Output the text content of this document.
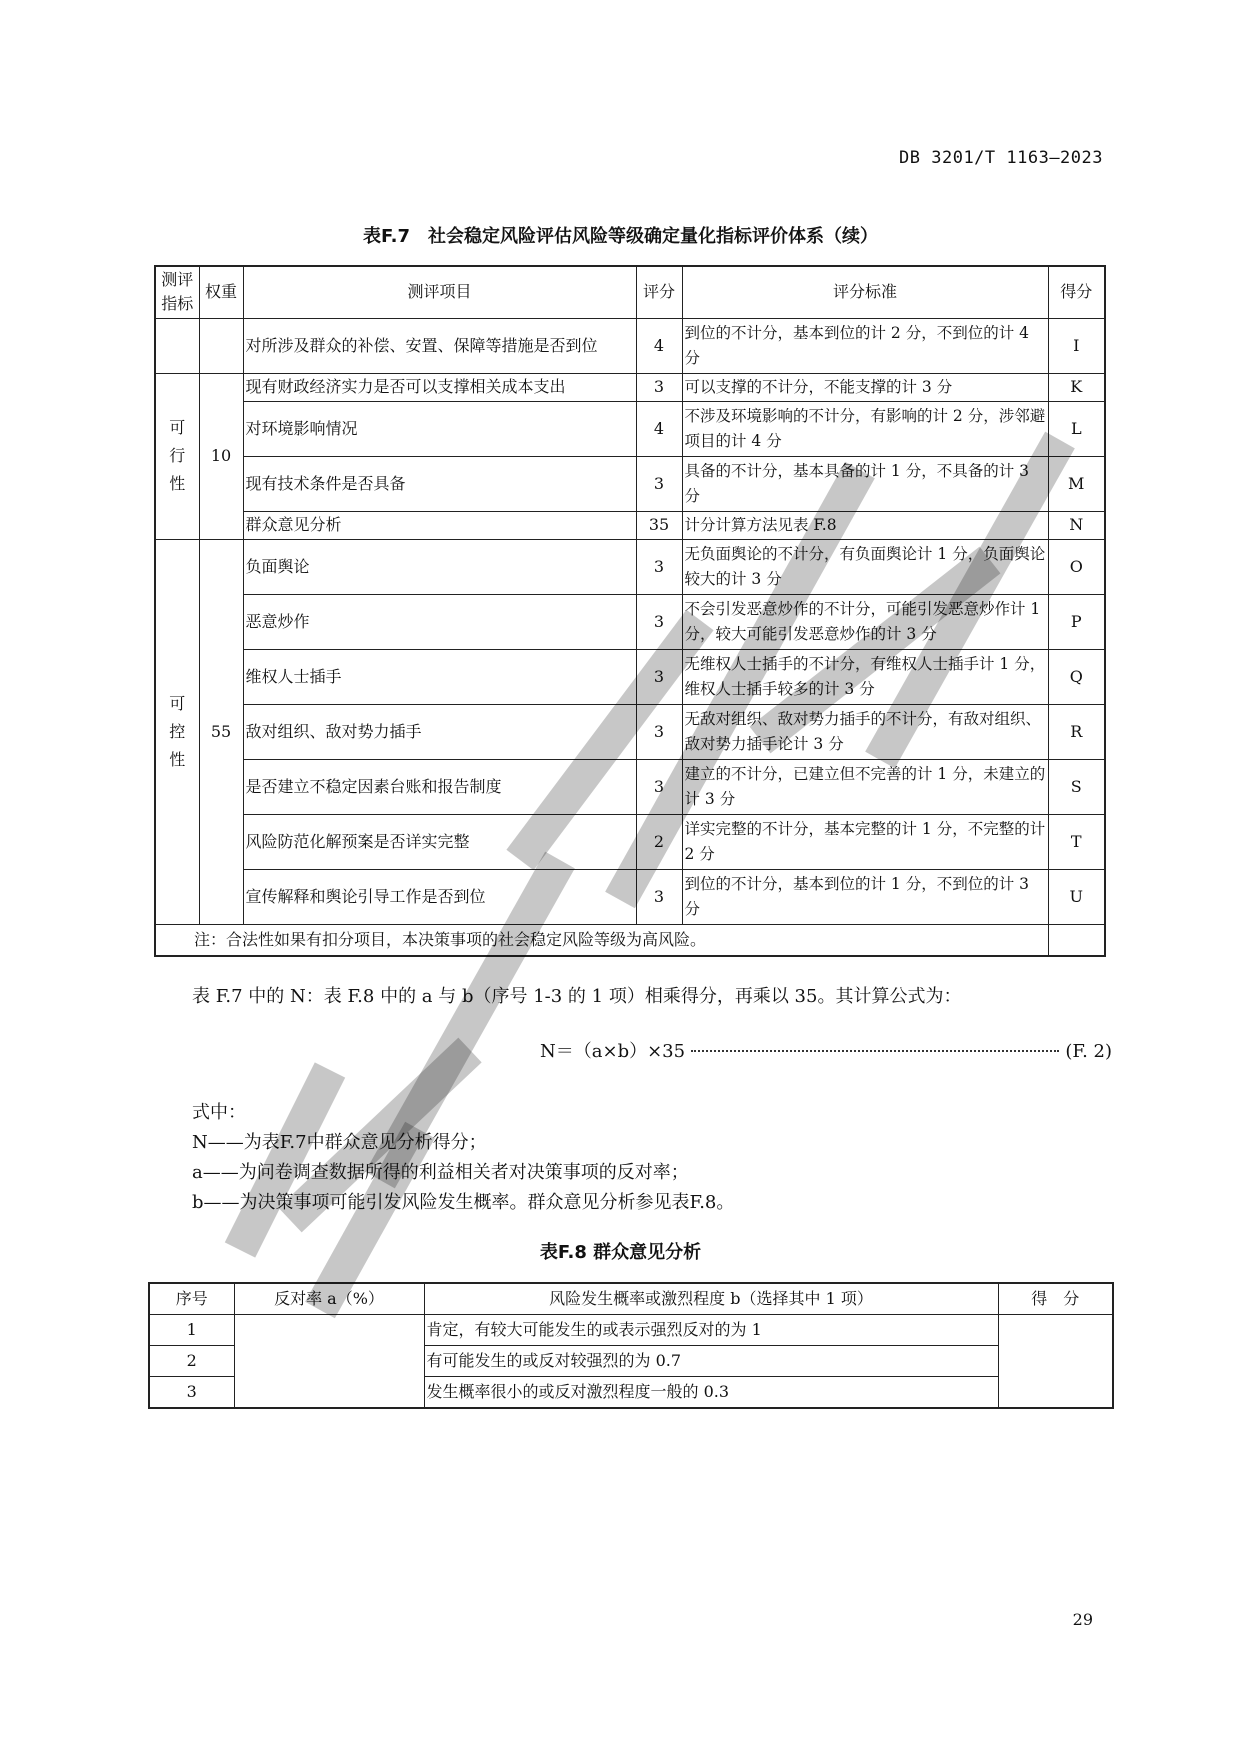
DB 3201/T 1163—2023
表F.7　社会稳定风险评估风险等级确定量化指标评价体系（续）
测评指标	权重	测评项目	评分	评分标准	得分
		对所涉及群众的补偿、安置、保障等措施是否到位	4	到位的不计分，基本到位的计 2 分，不到位的计 4 分	I
可行性	10	现有财政经济实力是否可以支撑相关成本支出	3	可以支撑的不计分，不能支撑的计 3 分	K
		对环境影响情况	4	不涉及环境影响的不计分，有影响的计 2 分，涉邻避项目的计 4 分	L
		现有技术条件是否具备	3	具备的不计分，基本具备的计 1 分，不具备的计 3 分	M
		群众意见分析	35	计分计算方法见表 F.8	N
可控性	55	负面舆论	3	无负面舆论的不计分，有负面舆论计 1 分，负面舆论较大的计 3 分	O
		恶意炒作	3	不会引发恶意炒作的不计分，可能引发恶意炒作计 1 分，较大可能引发恶意炒作的计 3 分	P
		维权人士插手	3	无维权人士插手的不计分，有维权人士插手计 1 分，维权人士插手较多的计 3 分	Q
		敌对组织、敌对势力插手	3	无敌对组织、敌对势力插手的不计分，有敌对组织、敌对势力插手论计 3 分	R
		是否建立不稳定因素台账和报告制度	3	建立的不计分，已建立但不完善的计 1 分，未建立的计 3 分	S
		风险防范化解预案是否详实完整	2	详实完整的不计分，基本完整的计 1 分，不完整的计 2 分	T
		宣传解释和舆论引导工作是否到位	3	到位的不计分，基本到位的计 1 分，不到位的计 3 分	U
注：合法性如果有扣分项目，本决策事项的社会稳定风险等级为高风险。					
表 F.7 中的 N：表 F.8 中的 a 与 b（序号 1-3 的 1 项）相乘得分，再乘以 35。其计算公式为：
N＝（a×b）×35	(F. 2)
式中：
N——为表F.7中群众意见分析得分；
a——为问卷调查数据所得的利益相关者对决策事项的反对率；
b——为决策事项可能引发风险发生概率。群众意见分析参见表F.8。
表F.8 群众意见分析
序号	反对率 a（%）	风险发生概率或激烈程度 b（选择其中 1 项）	得　分
1		肯定，有较大可能发生的或表示强烈反对的为 1	
2		有可能发生的或反对较强烈的为 0.7	
3		发生概率很小的或反对激烈程度一般的 0.3	
29
